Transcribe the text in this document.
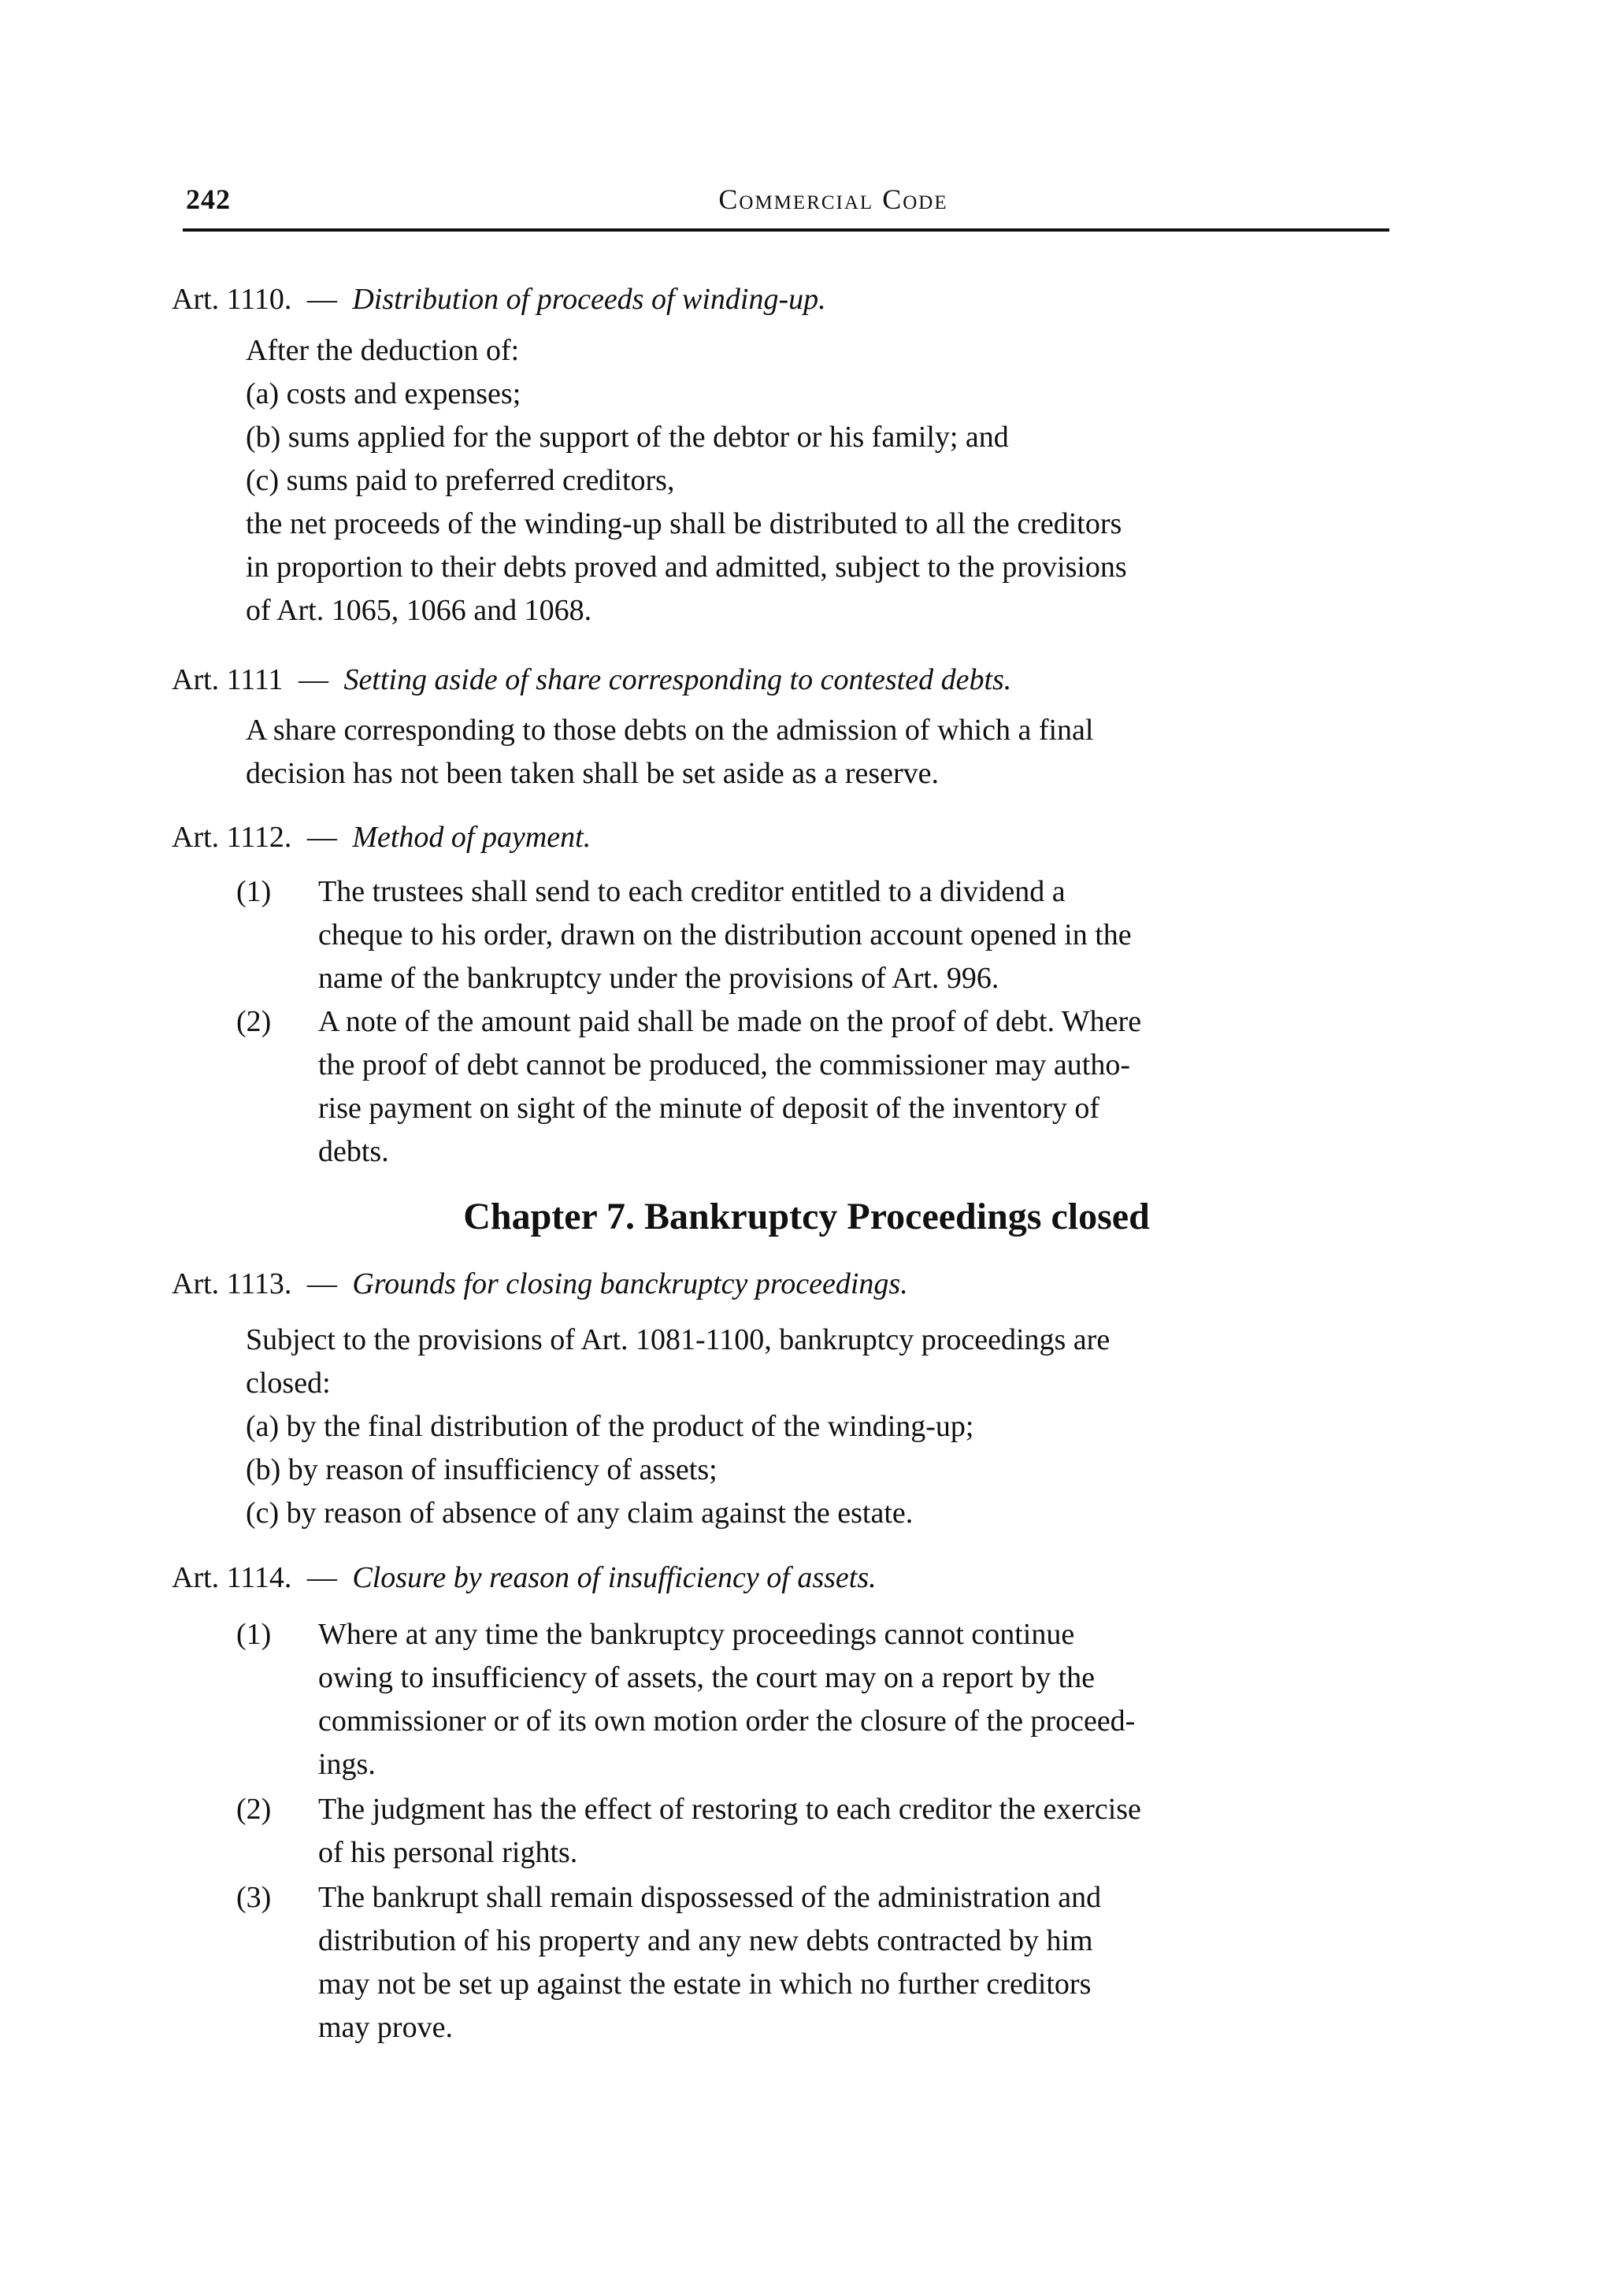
242	Commercial Code
Art. 1110. — Distribution of proceeds of winding-up.
After the deduction of:
(a) costs and expenses;
(b) sums applied for the support of the debtor or his family; and
(c) sums paid to preferred creditors,
the net proceeds of the winding-up shall be distributed to all the creditors
in proportion to their debts proved and admitted, subject to the provisions
of Art. 1065, 1066 and 1068.
Art. 1111 — Setting aside of share corresponding to contested debts.
A share corresponding to those debts on the admission of which a final
decision has not been taken shall be set aside as a reserve.
Art. 1112. — Method of payment.
(1) The trustees shall send to each creditor entitled to a dividend a
cheque to his order, drawn on the distribution account opened in the
name of the bankruptcy under the provisions of Art. 996.
(2) A note of the amount paid shall be made on the proof of debt. Where
the proof of debt cannot be produced, the commissioner may autho-
rise payment on sight of the minute of deposit of the inventory of
debts.
Chapter 7. Bankruptcy Proceedings closed
Art. 1113. — Grounds for closing banckruptcy proceedings.
Subject to the provisions of Art. 1081-1100, bankruptcy proceedings are
closed:
(a) by the final distribution of the product of the winding-up;
(b) by reason of insufficiency of assets;
(c) by reason of absence of any claim against the estate.
Art. 1114. — Closure by reason of insufficiency of assets.
(1) Where at any time the bankruptcy proceedings cannot continue
owing to insufficiency of assets, the court may on a report by the
commissioner or of its own motion order the closure of the proceed-
ings.
(2) The judgment has the effect of restoring to each creditor the exercise
of his personal rights.
(3) The bankrupt shall remain dispossessed of the administration and
distribution of his property and any new debts contracted by him
may not be set up against the estate in which no further creditors
may prove.
